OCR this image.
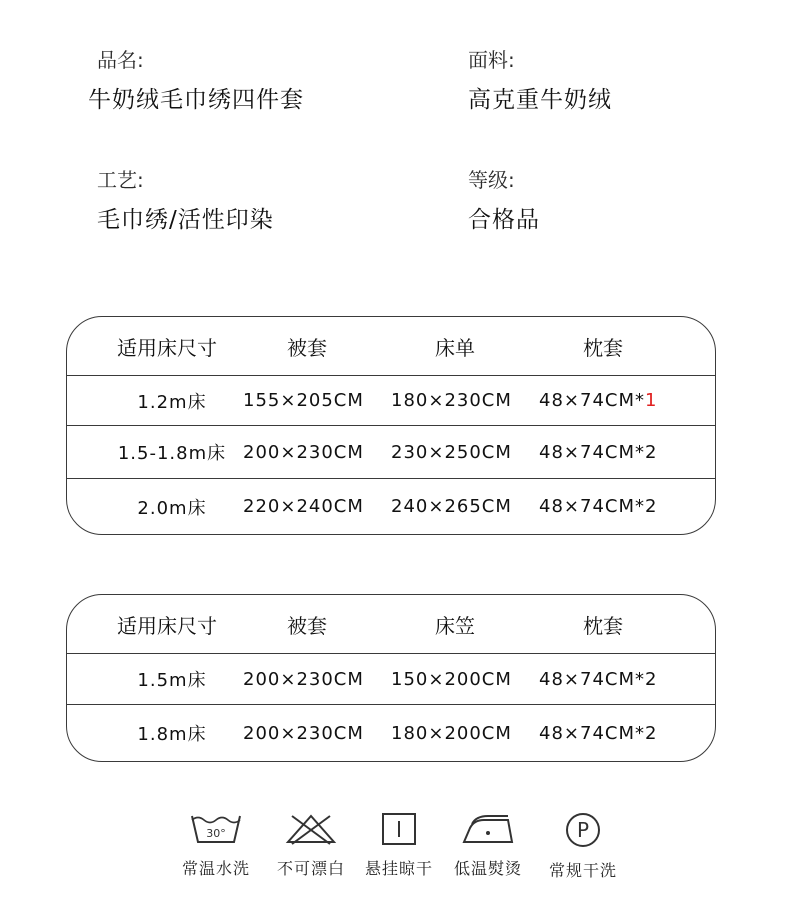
品名:
牛奶绒毛巾绣四件套
面料:
高克重牛奶绒
工艺:
毛巾绣/活性印染
等级:
合格品
适用床尺寸	被套	床单	枕套
1.2m床	155×205CM 180×230CM 48×74CM*1
1.5-1.8m床 200×230CM 230×250CM 48×74CM*2
2.0m床	220×240CM 240×265CM 48×74CM*2
适用床尺寸	被套	床笠	枕套
1.5m床	200×230CM 150×200CM 48×74CM*2
1.8m床	200×230CM 180×200CM 48×74CM*2
30°
常温水洗	不可漂白	悬挂晾干	低温熨烫
P
常规干洗
